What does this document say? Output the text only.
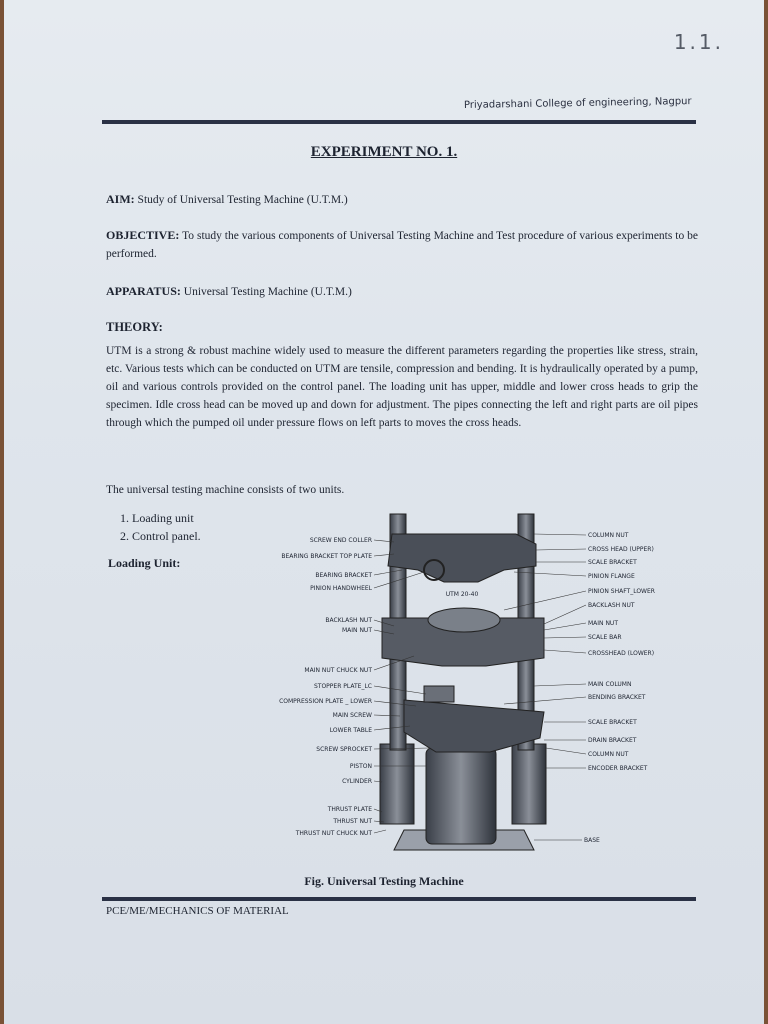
1.1.
Priyadarshani College of engineering, Nagpur
EXPERIMENT NO. 1.
AIM: Study of Universal Testing Machine (U.T.M.)
OBJECTIVE: To study the various components of Universal Testing Machine and Test procedure of various experiments to be performed.
APPARATUS: Universal Testing Machine (U.T.M.)
THEORY:
UTM is a strong & robust machine widely used to measure the different parameters regarding the properties like stress, strain, etc. Various tests which can be conducted on UTM are tensile, compression and bending. It is hydraulically operated by a pump, oil and various controls provided on the control panel. The loading unit has upper, middle and lower cross heads to grip the specimen. Idle cross head can be moved up and down for adjustment. The pipes connecting the left and right parts are oil pipes through which the pumped oil under pressure flows on left parts to moves the cross heads.
The universal testing machine consists of two units.
1. Loading unit
2. Control panel.
Loading Unit:
UTM 20-40
SCREW END COLLER
BEARING BRACKET TOP PLATE
BEARING BRACKET
PINION HANDWHEEL
BACKLASH NUT
MAIN NUT
MAIN NUT CHUCK NUT
STOPPER PLATE_LC
COMPRESSION PLATE _ LOWER
MAIN SCREW
LOWER TABLE
SCREW SPROCKET
PISTON
CYLINDER
THRUST PLATE
THRUST NUT
THRUST NUT CHUCK NUT
COLUMN NUT
CROSS HEAD (UPPER)
SCALE BRACKET
PINION FLANGE
PINION SHAFT_LOWER
BACKLASH NUT
MAIN NUT
SCALE BAR
CROSSHEAD (LOWER)
MAIN COLUMN
BENDING BRACKET
SCALE BRACKET
DRAIN BRACKET
COLUMN NUT
ENCODER BRACKET
BASE
Fig. Universal Testing Machine
PCE/ME/MECHANICS OF MATERIAL
